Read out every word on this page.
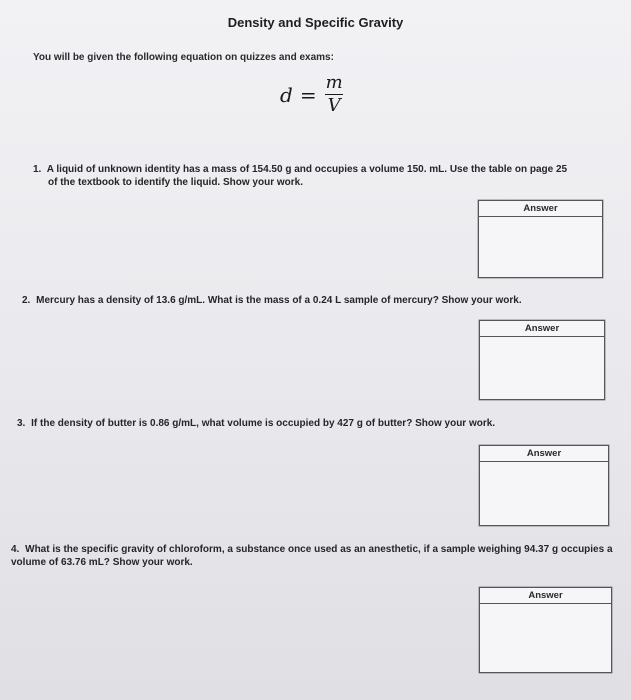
Density and Specific Gravity
You will be given the following equation on quizzes and exams:
$d = \frac{m}{V}$
1. A liquid of unknown identity has a mass of 154.50 g and occupies a volume 150. mL. Use the table on page 25
of the textbook to identify the liquid. Show your work.
Answer
2. Mercury has a density of 13.6 g/mL. What is the mass of a 0.24 L sample of mercury? Show your work.
Answer
3. If the density of butter is 0.86 g/mL, what volume is occupied by 427 g of butter? Show your work.
Answer
4. What is the specific gravity of chloroform, a substance once used as an anesthetic, if a sample weighing 94.37 g occupies a volume of 63.76 mL? Show your work.
Answer
